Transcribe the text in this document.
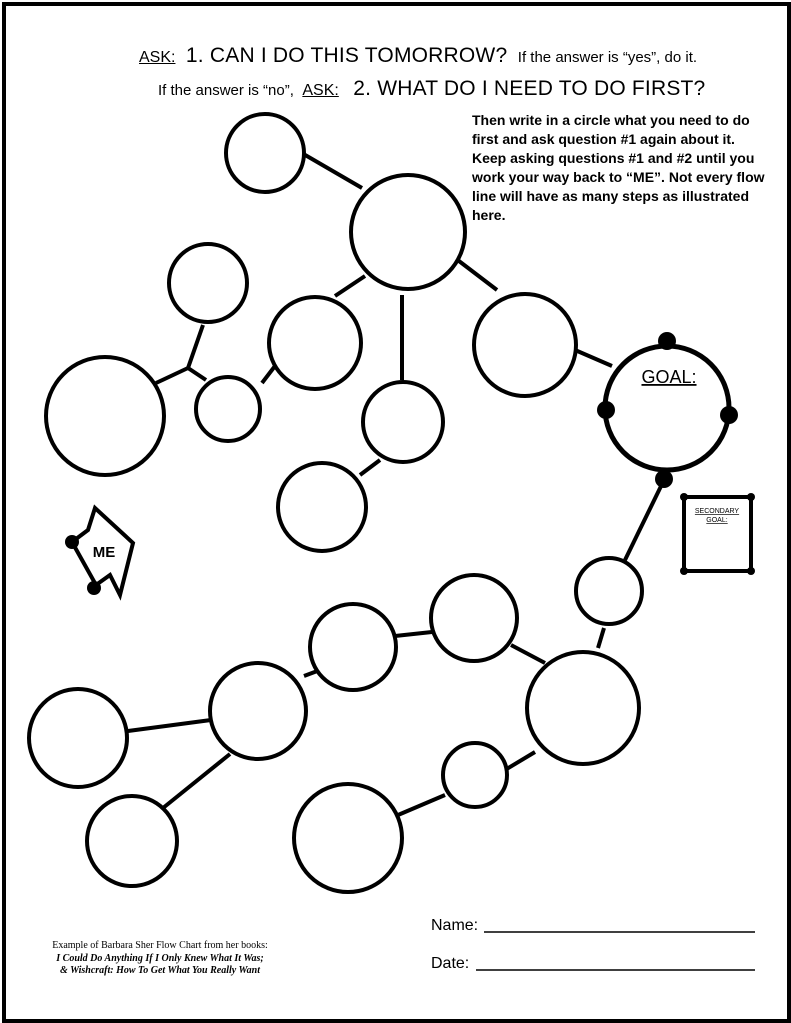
GOAL:
SECONDARY
GOAL:
ME
ASK: 1. CAN I DO THIS TOMORROW? If the answer is “yes”, do it.
If the answer is “no”, ASK: 2. WHAT DO I NEED TO DO FIRST?
Then write in a circle what you need to do first and ask question #1 again about it. Keep asking questions #1 and #2 until you work your way back to “ME”. Not every flow line will have as many steps as illustrated here.
Name:
Date:
Example of Barbara Sher Flow Chart from her books:
I Could Do Anything If I Only Knew What It Was;
& Wishcraft: How To Get What You Really Want
